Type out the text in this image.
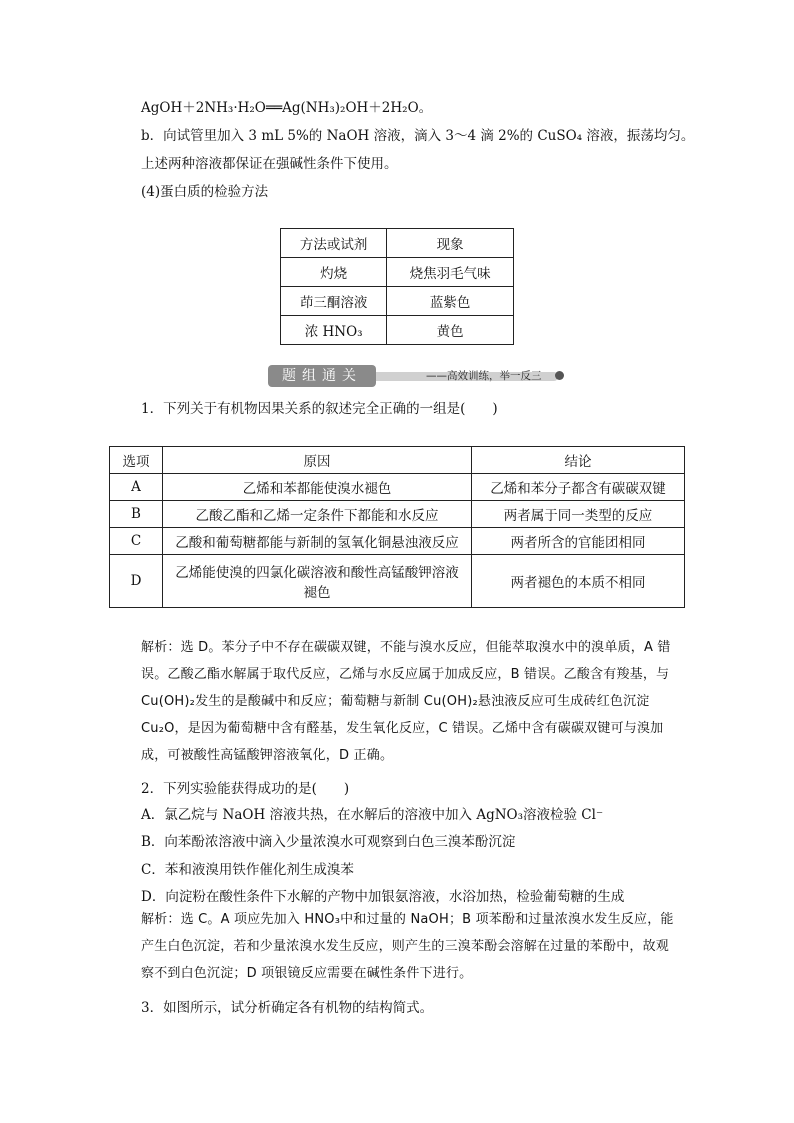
AgOH＋2NH₃·H₂O══Ag(NH₃)₂OH＋2H₂O。
b．向试管里加入 3 mL 5%的 NaOH 溶液，滴入 3～4 滴 2%的 CuSO₄ 溶液，振荡均匀。
上述两种溶液都保证在强碱性条件下使用。
(4)蛋白质的检验方法
方法或试剂	现象
灼烧	烧焦羽毛气味
茚三酮溶液	蓝紫色
浓 HNO₃	黄色
题组通关	——高效训练，举一反三
1．下列关于有机物因果关系的叙述完全正确的一组是(　　)
选项	原因	结论
A	乙烯和苯都能使溴水褪色	乙烯和苯分子都含有碳碳双键
B	乙酸乙酯和乙烯一定条件下都能和水反应	两者属于同一类型的反应
C	乙酸和葡萄糖都能与新制的氢氧化铜悬浊液反应	两者所含的官能团相同
D	乙烯能使溴的四氯化碳溶液和酸性高锰酸钾溶液褪色	两者褪色的本质不相同
解析：选 D。苯分子中不存在碳碳双键，不能与溴水反应，但能萃取溴水中的溴单质，A 错误。乙酸乙酯水解属于取代反应，乙烯与水反应属于加成反应，B 错误。乙酸含有羧基，与 Cu(OH)₂发生的是酸碱中和反应；葡萄糖与新制 Cu(OH)₂悬浊液反应可生成砖红色沉淀 Cu₂O，是因为葡萄糖中含有醛基，发生氧化反应，C 错误。乙烯中含有碳碳双键可与溴加成，可被酸性高锰酸钾溶液氧化，D 正确。
2．下列实验能获得成功的是(　　)
A．氯乙烷与 NaOH 溶液共热，在水解后的溶液中加入 AgNO₃溶液检验 Cl⁻
B．向苯酚浓溶液中滴入少量浓溴水可观察到白色三溴苯酚沉淀
C．苯和液溴用铁作催化剂生成溴苯
D．向淀粉在酸性条件下水解的产物中加银氨溶液，水浴加热，检验葡萄糖的生成
解析：选 C。A 项应先加入 HNO₃中和过量的 NaOH；B 项苯酚和过量浓溴水发生反应，能产生白色沉淀，若和少量浓溴水发生反应，则产生的三溴苯酚会溶解在过量的苯酚中，故观察不到白色沉淀；D 项银镜反应需要在碱性条件下进行。
3．如图所示，试分析确定各有机物的结构简式。
